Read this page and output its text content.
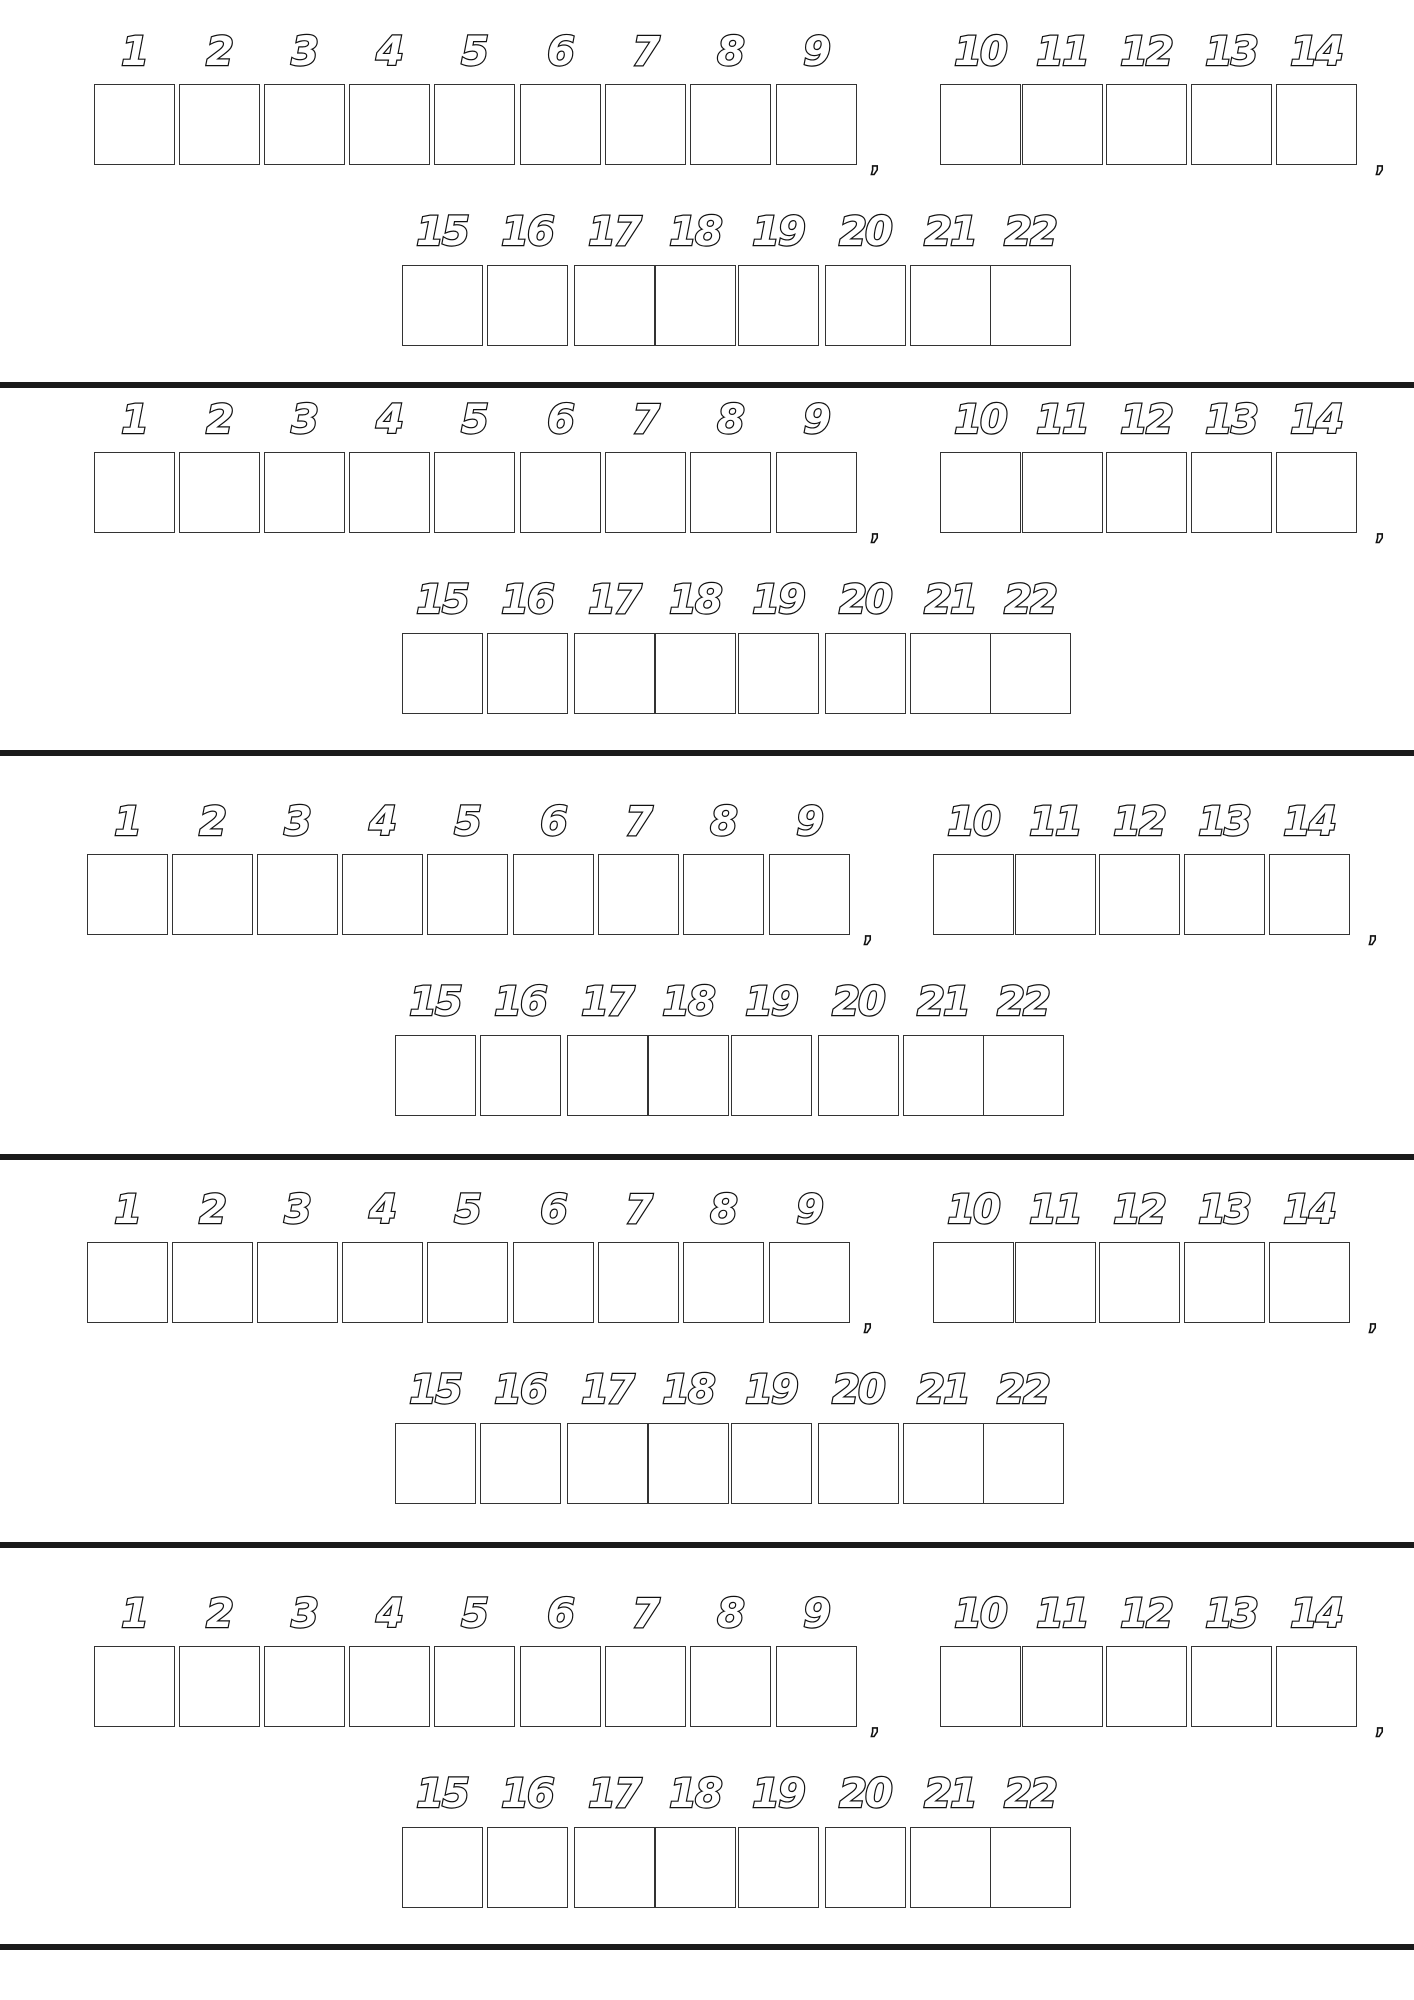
1	2	3	4	5	6	7	8	9	10 11 12 13 14
15 16 17 18 19 20 21 22
,	,
1	2	3	4	5	6	7	8	9	10 11 12 13 14
15 16 17 18 19 20 21 22
,	,
1	2	3	4	5	6	7	8	9	10 11 12 13 14
15 16 17 18 19 20 21 22
,	,
1	2	3	4	5	6	7	8	9	10 11 12 13 14
15 16 17 18 19 20 21 22
,	,
1	2	3	4	5	6	7	8	9	10 11 12 13 14
15 16 17 18 19 20 21 22
,	,
